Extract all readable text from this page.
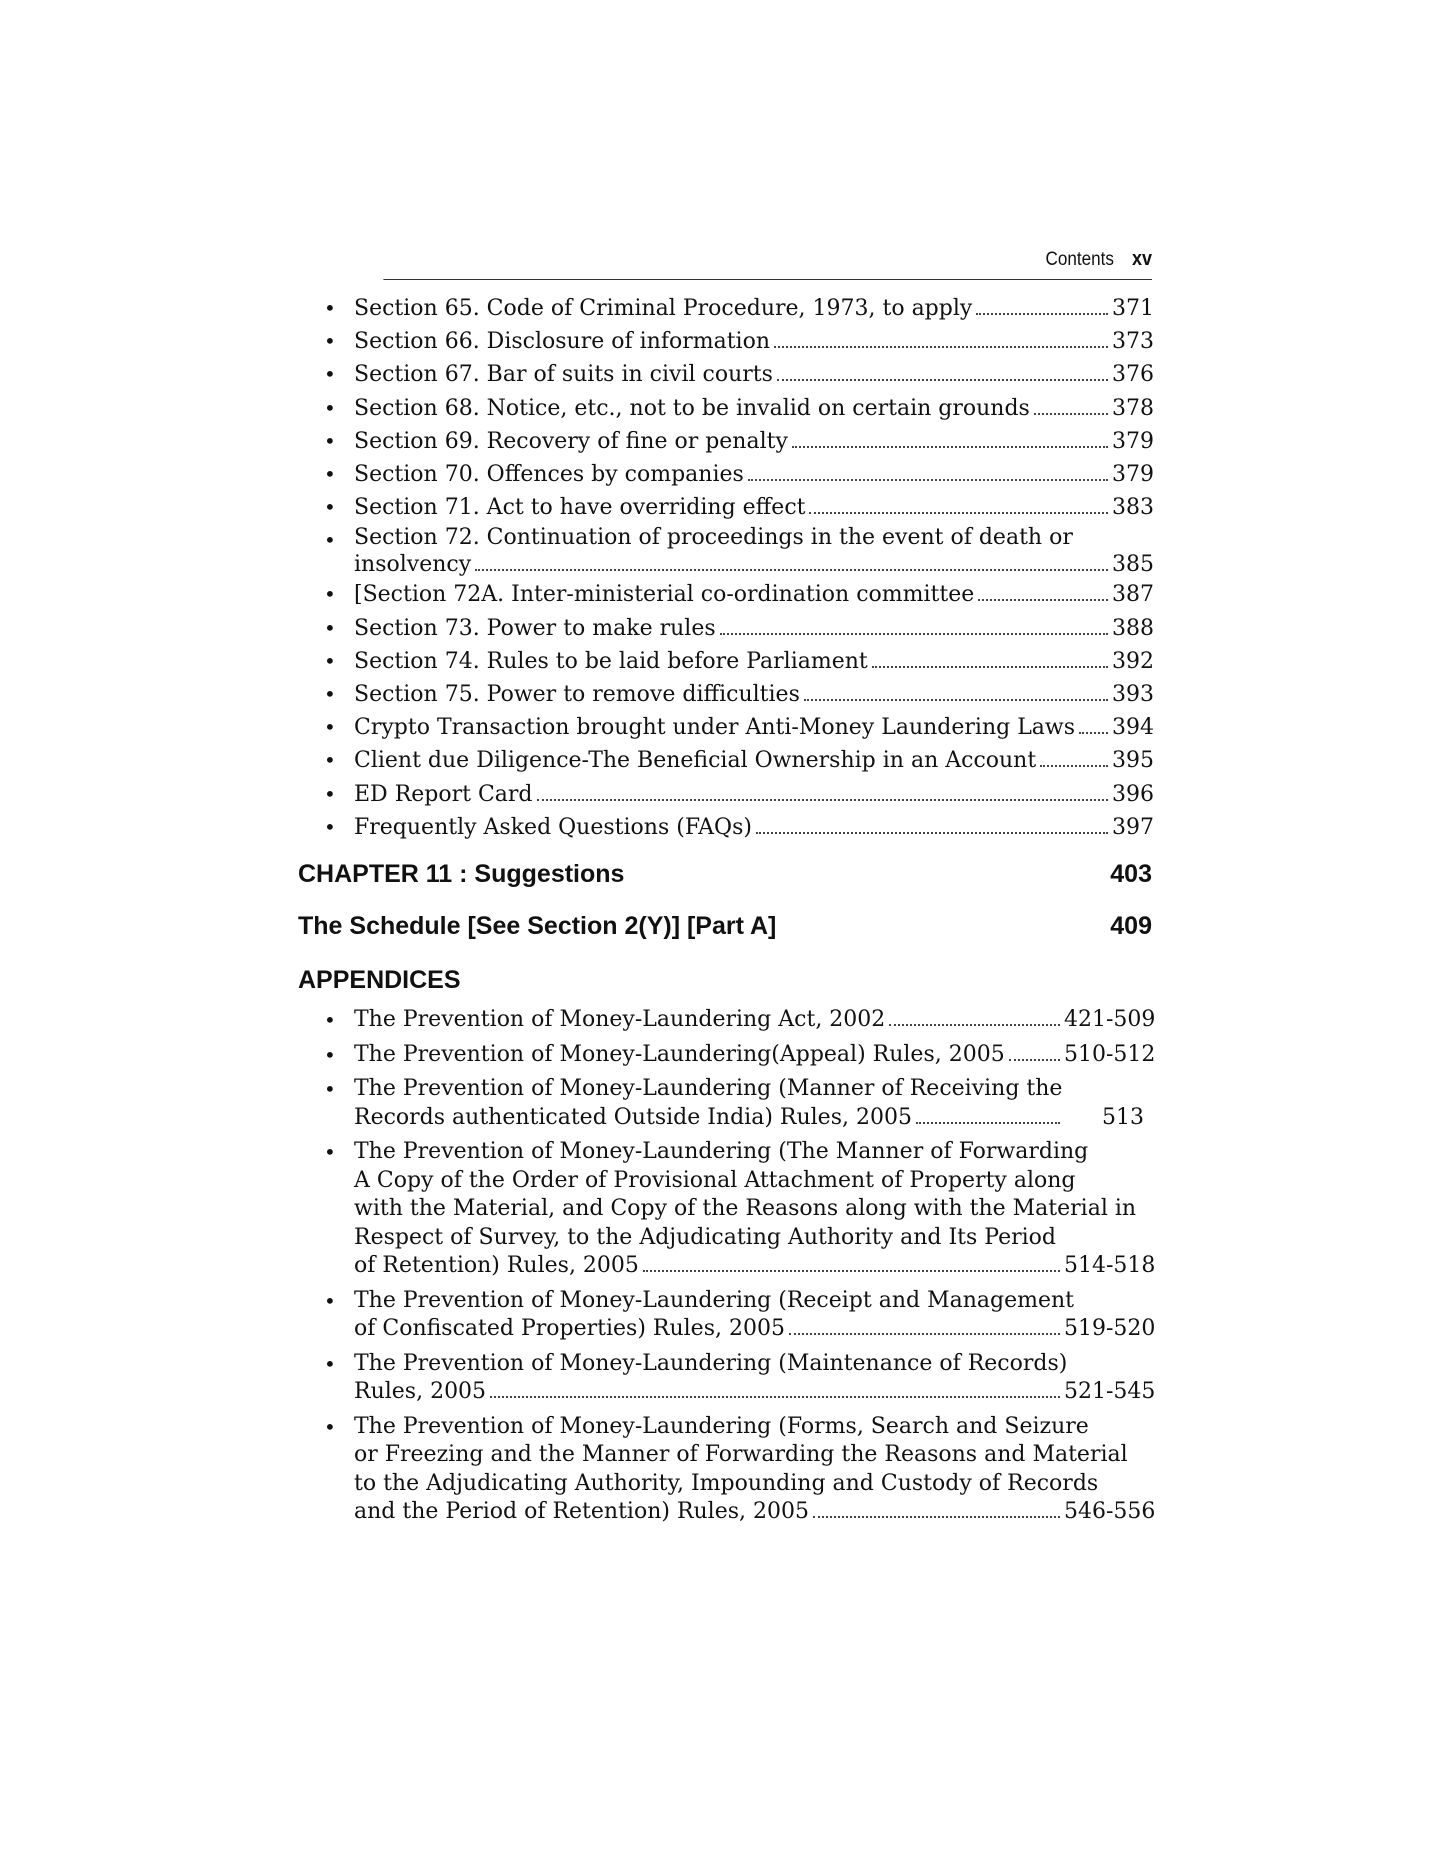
Contents xv
• Section 65. Code of Criminal Procedure, 1973, to apply	371
• Section 66. Disclosure of information	373
• Section 67. Bar of suits in civil courts	376
• Section 68. Notice, etc., not to be invalid on certain grounds	378
• Section 69. Recovery of fine or penalty	379
• Section 70. Offences by companies	379
• Section 71. Act to have overriding effect	383
• Section 72. Continuation of proceedings in the event of death or
insolvency	385
• [Section 72A. Inter-ministerial co-ordination committee	387
• Section 73. Power to make rules	388
• Section 74. Rules to be laid before Parliament	392
• Section 75. Power to remove difficulties	393
• Crypto Transaction brought under Anti-Money Laundering Laws 394
• Client due Diligence-The Beneficial Ownership in an Account	395
• ED Report Card	396
• Frequently Asked Questions (FAQs)	397
CHAPTER 11 : Suggestions	403
The Schedule [See Section 2(Y)] [Part A]	409
APPENDICES
• The Prevention of Money-Laundering Act, 2002	421-509
• The Prevention of Money-Laundering(Appeal) Rules, 2005	510-512
• The Prevention of Money-Laundering (Manner of Receiving the
Records authenticated Outside India) Rules, 2005	513
• The Prevention of Money-Laundering (The Manner of Forwarding
A Copy of the Order of Provisional Attachment of Property along
with the Material, and Copy of the Reasons along with the Material in
Respect of Survey, to the Adjudicating Authority and Its Period
of Retention) Rules, 2005	514-518
• The Prevention of Money-Laundering (Receipt and Management
of Confiscated Properties) Rules, 2005	519-520
• The Prevention of Money-Laundering (Maintenance of Records)
Rules, 2005	521-545
• The Prevention of Money-Laundering (Forms, Search and Seizure
or Freezing and the Manner of Forwarding the Reasons and Material
to the Adjudicating Authority, Impounding and Custody of Records
and the Period of Retention) Rules, 2005	546-556
